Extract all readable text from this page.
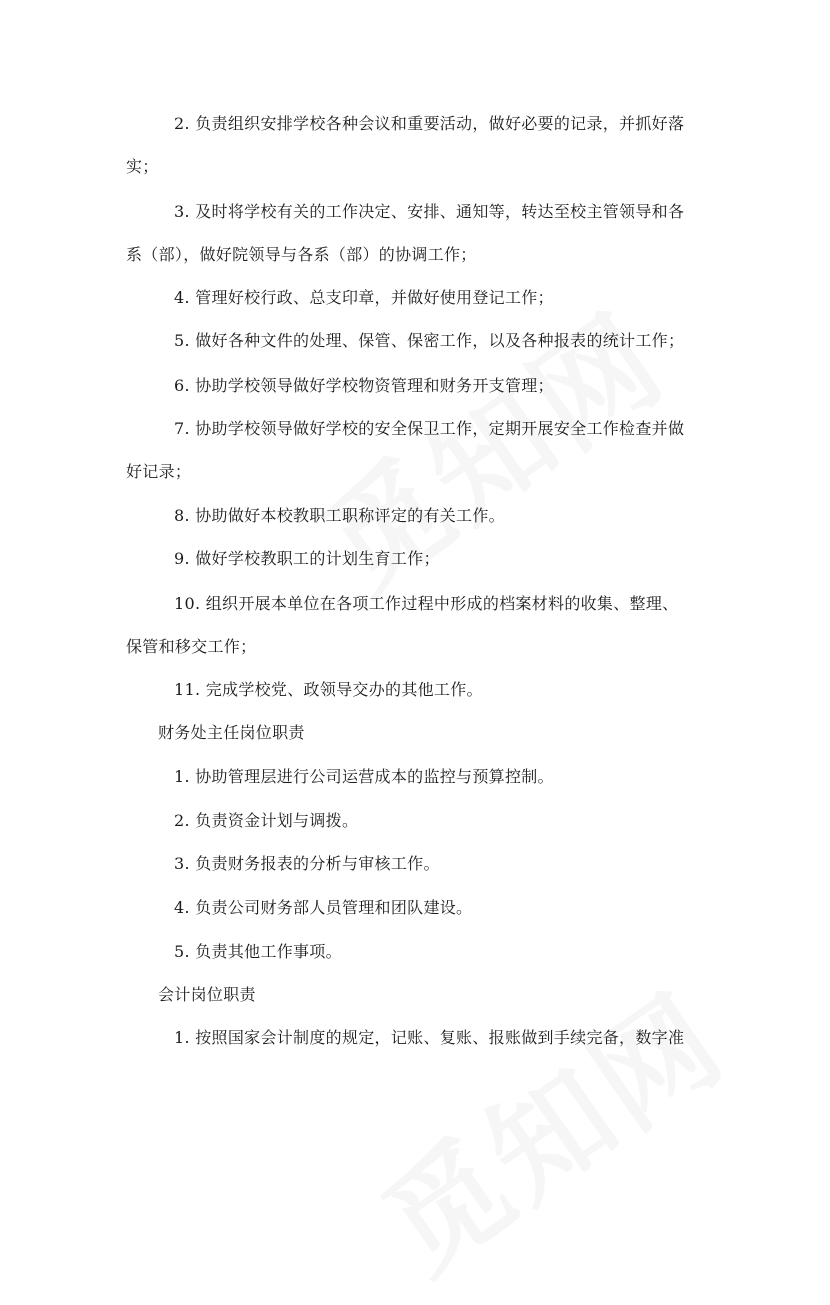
2. 负责组织安排学校各种会议和重要活动，做好必要的记录，并抓好落
实；
3. 及时将学校有关的工作决定、安排、通知等，转达至校主管领导和各
系（部），做好院领导与各系（部）的协调工作；
4. 管理好校行政、总支印章，并做好使用登记工作；
5. 做好各种文件的处理、保管、保密工作，以及各种报表的统计工作；
6. 协助学校领导做好学校物资管理和财务开支管理；
7. 协助学校领导做好学校的安全保卫工作，定期开展安全工作检查并做
好记录；
8. 协助做好本校教职工职称评定的有关工作。
9. 做好学校教职工的计划生育工作；
10. 组织开展本单位在各项工作过程中形成的档案材料的收集、整理、
保管和移交工作；
11. 完成学校党、政领导交办的其他工作。
财务处主任岗位职责
1. 协助管理层进行公司运营成本的监控与预算控制。
2. 负责资金计划与调拨。
3. 负责财务报表的分析与审核工作。
4. 负责公司财务部人员管理和团队建设。
5. 负责其他工作事项。
会计岗位职责
1. 按照国家会计制度的规定，记账、复账、报账做到手续完备，数字准
